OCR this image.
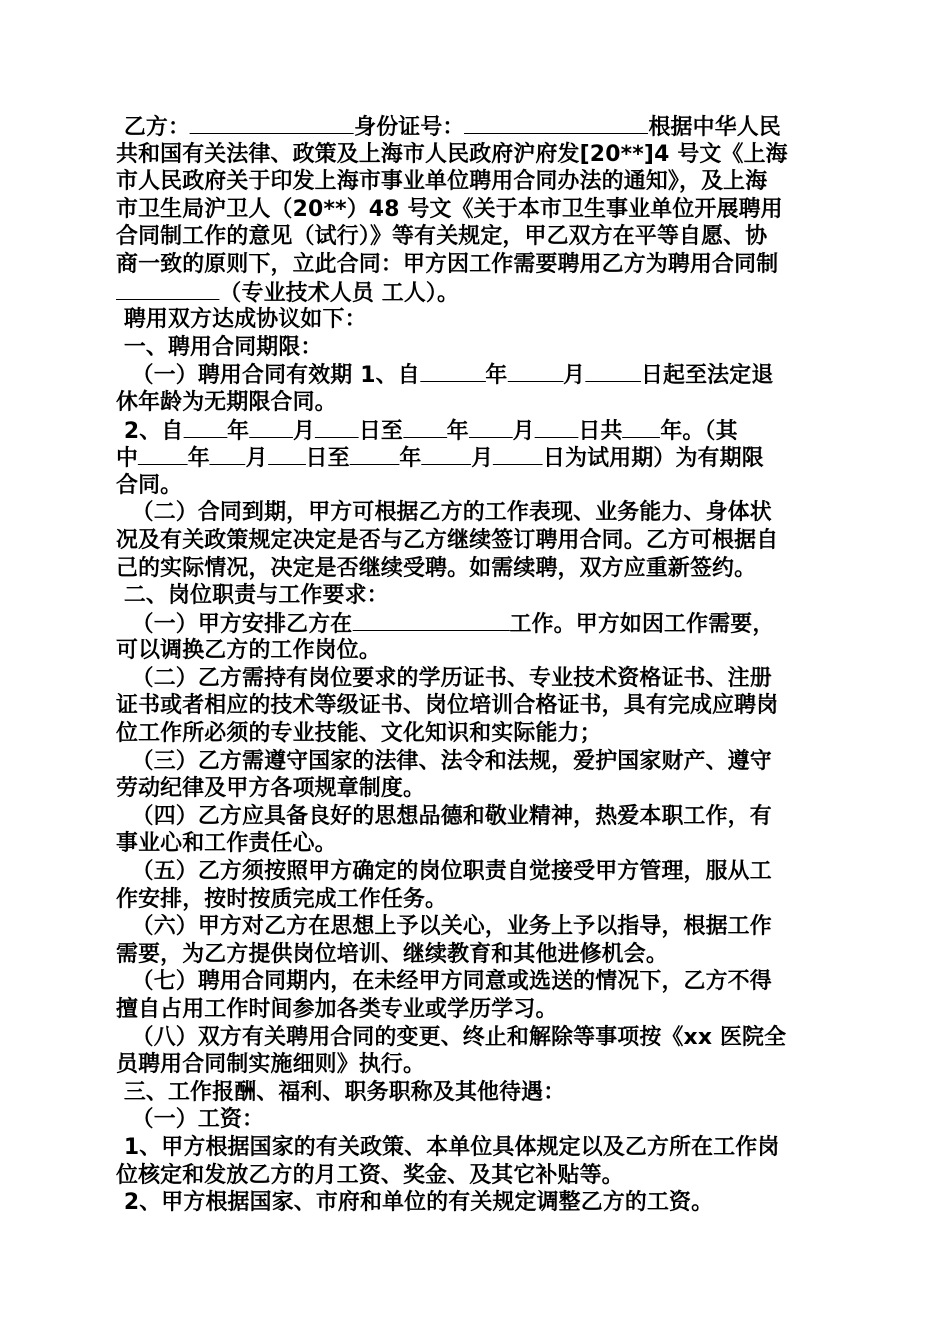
乙方：	身份证号：	根据中华人民
共和国有关法律、政策及上海市人民政府沪府发[20**]4 号文《上海
市人民政府关于印发上海市事业单位聘用合同办法的通知》，及上海
市卫生局沪卫人（20**）48 号文《关于本市卫生事业单位开展聘用
合同制工作的意见（试行）》等有关规定，甲乙双方在平等自愿、协
商一致的原则下，立此合同：甲方因工作需要聘用乙方为聘用合同制
（专业技术人员 工人）。
聘用双方达成协议如下：
一、聘用合同期限：
（一）聘用合同有效期 1、自	年	月	日起至法定退
休年龄为无期限合同。
2、自 年 月 日至 年 月 日共 年。（其
中 年 月 日至 年 月 日为试用期）为有期限
合同。
（二）合同到期，甲方可根据乙方的工作表现、业务能力、身体状
况及有关政策规定决定是否与乙方继续签订聘用合同。乙方可根据自
己的实际情况，决定是否继续受聘。如需续聘，双方应重新签约。
二、岗位职责与工作要求：
（一）甲方安排乙方在	工作。甲方如因工作需要，
可以调换乙方的工作岗位。
（二）乙方需持有岗位要求的学历证书、专业技术资格证书、注册
证书或者相应的技术等级证书、岗位培训合格证书，具有完成应聘岗
位工作所必须的专业技能、文化知识和实际能力；
（三）乙方需遵守国家的法律、法令和法规，爱护国家财产、遵守
劳动纪律及甲方各项规章制度。
（四）乙方应具备良好的思想品德和敬业精神，热爱本职工作，有
事业心和工作责任心。
（五）乙方须按照甲方确定的岗位职责自觉接受甲方管理，服从工
作安排，按时按质完成工作任务。
（六）甲方对乙方在思想上予以关心，业务上予以指导，根据工作
需要，为乙方提供岗位培训、继续教育和其他进修机会。
（七）聘用合同期内，在未经甲方同意或选送的情况下，乙方不得
擅自占用工作时间参加各类专业或学历学习。
（八）双方有关聘用合同的变更、终止和解除等事项按《xx 医院全
员聘用合同制实施细则》执行。
三、工作报酬、福利、职务职称及其他待遇：
（一）工资：
1、甲方根据国家的有关政策、本单位具体规定以及乙方所在工作岗
位核定和发放乙方的月工资、奖金、及其它补贴等。
2、甲方根据国家、市府和单位的有关规定调整乙方的工资。
